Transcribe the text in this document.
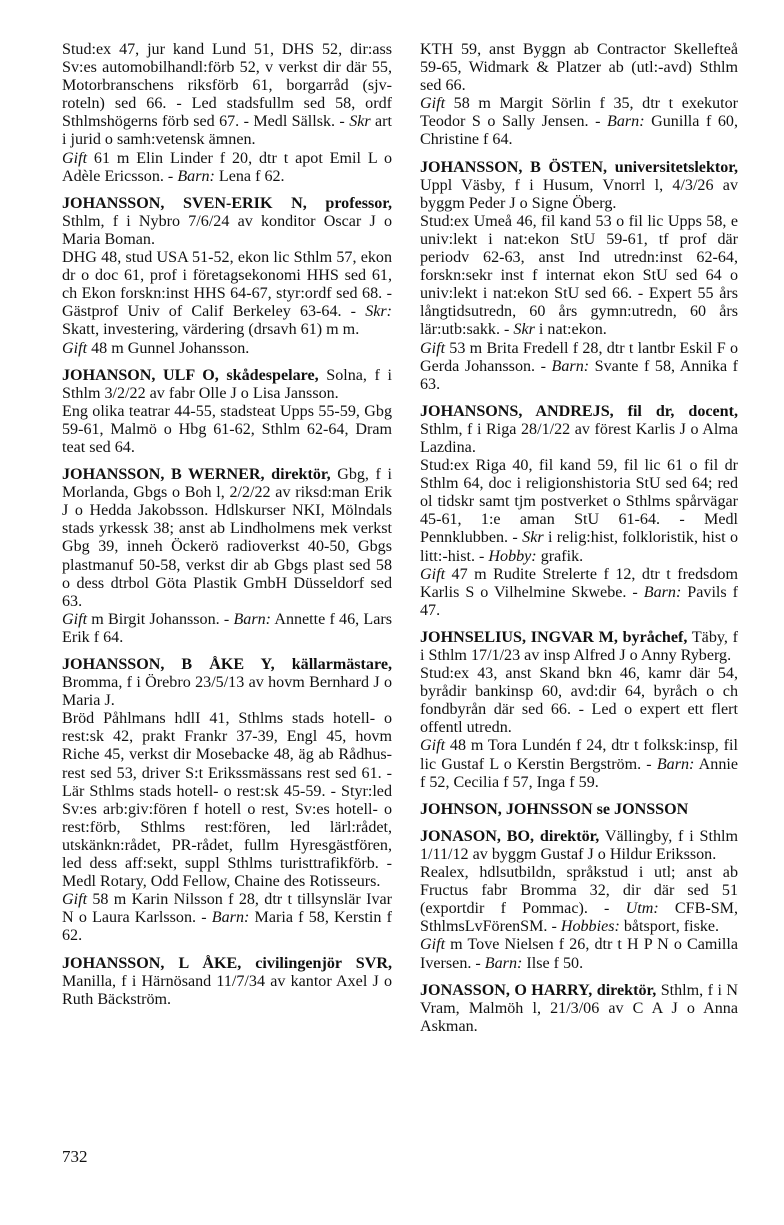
Stud:ex 47, jur kand Lund 51, DHS 52, dir:ass Sv:es automobilhandl:förb 52, v verkst dir där 55, Motorbranschens riksförb 61, borgarråd (sjv-roteln) sed 66. - Led stadsfullm sed 58, ordf Sthlmshögerns förb sed 67. - Medl Sällsk. - Skr art i jurid o samh:vetensk ämnen.

Gift 61 m Elin Linder f 20, dtr t apot Emil L o Adèle Ericsson. - Barn: Lena f 62.

JOHANSSON, SVEN-ERIK N, professor, Sthlm, f i Nybro 7/6/24 av konditor Oscar J o Maria Boman.

DHG 48, stud USA 51-52, ekon lic Sthlm 57, ekon dr o doc 61, prof i företagsekonomi HHS sed 61, ch Ekon forskn:inst HHS 64-67, styr:ordf sed 68. - Gästprof Univ of Calif Berkeley 63-64. - Skr: Skatt, investering, värdering (drsavh 61) m m.

Gift 48 m Gunnel Johansson.

JOHANSON, ULF O, skådespelare, Solna, f i Sthlm 3/2/22 av fabr Olle J o Lisa Jansson.

Eng olika teatrar 44-55, stadsteat Upps 55-59, Gbg 59-61, Malmö o Hbg 61-62, Sthlm 62-64, Dram teat sed 64.

JOHANSSON, B WERNER, direktör, Gbg, f i Morlanda, Gbgs o Boh l, 2/2/22 av riksd:man Erik J o Hedda Jakobsson. Hdlskurser NKI, Mölndals stads yrkessk 38; anst ab Lindholmens mek verkst Gbg 39, inneh Öckerö radioverkst 40-50, Gbgs plastmanuf 50-58, verkst dir ab Gbgs plast sed 58 o dess dtrbol Göta Plastik GmbH Düsseldorf sed 63.

Gift m Birgit Johansson. - Barn: Annette f 46, Lars Erik f 64.

JOHANSSON, B ÅKE Y, källarmästare, Bromma, f i Örebro 23/5/13 av hovm Bernhard J o Maria J.

Bröd Påhlmans hdlI 41, Sthlms stads hotell- o rest:sk 42, prakt Frankr 37-39, Engl 45, hovm Riche 45, verkst dir Mosebacke 48, äg ab Rådhus-rest sed 53, driver S:t Erikssmässans rest sed 61. - Lär Sthlms stads hotell- o rest:sk 45-59. - Styr:led Sv:es arb:giv:fören f hotell o rest, Sv:es hotell- o rest:förb, Sthlms rest:fören, led lärl:rådet, utskänkn:rådet, PR-rådet, fullm Hyresgästfören, led dess aff:sekt, suppl Sthlms turisttrafikförb. - Medl Rotary, Odd Fellow, Chaine des Rotisseurs.

Gift 58 m Karin Nilsson f 28, dtr t tillsynslär Ivar N o Laura Karlsson. - Barn: Maria f 58, Kerstin f 62.

JOHANSSON, L ÅKE, civilingenjör SVR, Manilla, f i Härnösand 11/7/34 av kantor Axel J o Ruth Bäckström.

KTH 59, anst Byggn ab Contractor Skellefteå 59-65, Widmark & Platzer ab (utl:-avd) Sthlm sed 66.

Gift 58 m Margit Sörlin f 35, dtr t exekutor Teodor S o Sally Jensen. - Barn: Gunilla f 60, Christine f 64.

JOHANSSON, B ÖSTEN, universitetslektor, Uppl Väsby, f i Husum, Vnorrl l, 4/3/26 av byggm Peder J o Signe Öberg.

Stud:ex Umeå 46, fil kand 53 o fil lic Upps 58, e univ:lekt i nat:ekon StU 59-61, tf prof där periodv 62-63, anst Ind utredn:inst 62-64, forskn:sekr inst f internat ekon StU sed 64 o univ:lekt i nat:ekon StU sed 66. - Expert 55 års långtidsutredn, 60 års gymn:utredn, 60 års lär:utb:sakk. - Skr i nat:ekon.

Gift 53 m Brita Fredell f 28, dtr t lantbr Eskil F o Gerda Johansson. - Barn: Svante f 58, Annika f 63.

JOHANSONS, ANDREJS, fil dr, docent, Sthlm, f i Riga 28/1/22 av förest Karlis J o Alma Lazdina.

Stud:ex Riga 40, fil kand 59, fil lic 61 o fil dr Sthlm 64, doc i religionshistoria StU sed 64; red ol tidskr samt tjm postverket o Sthlms spårvägar 45-61, 1:e aman StU 61-64. - Medl Pennklubben. - Skr i relig:hist, folkloristik, hist o litt:-hist. - Hobby: grafik.

Gift 47 m Rudite Strelerte f 12, dtr t fredsdom Karlis S o Vilhelmine Skwebe. - Barn: Pavils f 47.

JOHNSELIUS, INGVAR M, byråchef, Täby, f i Sthlm 17/1/23 av insp Alfred J o Anny Ryberg.

Stud:ex 43, anst Skand bkn 46, kamr där 54, byrådir bankinsp 60, avd:dir 64, byråch o ch fondbyrån där sed 66. - Led o expert ett flert offentl utredn.

Gift 48 m Tora Lundén f 24, dtr t folksk:insp, fil lic Gustaf L o Kerstin Bergström. - Barn: Annie f 52, Cecilia f 57, Inga f 59.

JOHNSON, JOHNSSON se JONSSON

JONASON, BO, direktör, Vällingby, f i Sthlm 1/11/12 av byggm Gustaf J o Hildur Eriksson.

Realex, hdlsutbildn, språkstud i utl; anst ab Fructus fabr Bromma 32, dir där sed 51 (exportdir f Pommac). - Utm: CFB-SM, SthlmsLvFörenSM. - Hobbies: båtsport, fiske.

Gift m Tove Nielsen f 26, dtr t H P N o Camilla Iversen. - Barn: Ilse f 50.

JONASSON, O HARRY, direktör, Sthlm, f i N Vram, Malmöh l, 21/3/06 av C A J o Anna Askman.

732
